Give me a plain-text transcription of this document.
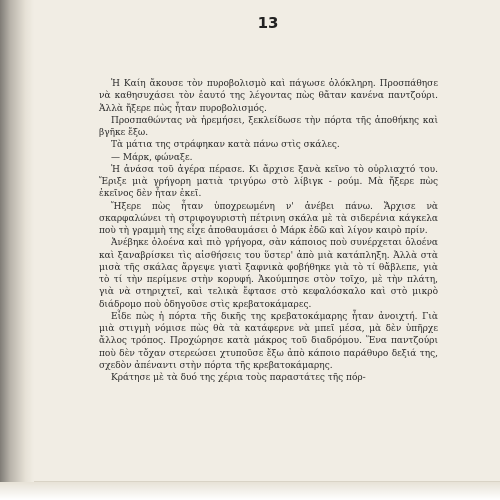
13

Ἡ Καίη ἄκουσε τὸν πυροβολισμὸ καὶ πάγωσε ὁλόκληρη. Προσπάθησε νὰ καθησυχάσει τὸν ἑαυτό της λέγοντας πὼς θἄταν κανένα παντζούρι. Ἀλλὰ ἤξερε πὼς ἦταν πυροβολισμός.

Προσπαθώντας νὰ ἠρεμήσει, ξεκλείδωσε τὴν πόρτα τῆς ἀποθήκης καὶ βγῆκε ἔξω.

Τὰ μάτια της στράφηκαν κατὰ πάνω στὶς σκάλες.

— Μάρκ, φώναξε.

Ἡ ἀνάσα τοῦ ἀγέρα πέρασε. Κι ἄρχισε ξανὰ κεῖνο τὸ οὐρλιαχτό του. Ἔριξε μιὰ γρήγορη ματιὰ τριγύρω στὸ λίβιγκ - ρούμ. Μὰ ἤξερε πὼς ἐκεῖνος δὲν ἦταν ἐκεῖ.

Ἤξερε πὼς ἦταν ὑποχρεωμένη ν' ἀνέβει πάνω. Ἄρχισε νὰ σκαρφαλώνει τὴ στριφογυριστὴ πέτρινη σκάλα μὲ τὰ σιδερένια κάγκελα ποὺ τὴ γραμμὴ της εἶχε ἀποθαυμάσει ὁ Μάρκ ἐδῶ καὶ λίγον καιρὸ πρίν.

Ἀνέβηκε ὁλοένα καὶ πιὸ γρήγορα, σὰν κάποιος ποὺ συνέρχεται ὁλοένα καὶ ξαναβρίσκει τὶς αἰσθήσεις του ὕστερ' ἀπὸ μιὰ κατάπληξη. Ἀλλὰ στὰ μισὰ τῆς σκάλας ἄργεψε γιατὶ ξαφνικὰ φοβήθηκε γιὰ τὸ τί θἄβλεπε, γιὰ τὸ τί τὴν περίμενε στὴν κορυφή. Ἀκούμπησε στὸν τοῖχο, μὲ τὴν πλάτη, γιὰ νὰ στηριχτεῖ, καὶ τελικὰ ἔφτασε στὸ κεφαλόσκαλο καὶ στὸ μικρὸ διάδρομο ποὺ ὁδηγοῦσε στὶς κρεβατοκάμαρες.

Εἶδε πὼς ἡ πόρτα τῆς δικῆς της κρεβατοκάμαρης ἦταν ἀνοιχτή. Γιὰ μιὰ στιγμὴ νόμισε πὼς θὰ τὰ κατάφερνε νὰ μπεῖ μέσα, μὰ δὲν ὑπῆρχε ἄλλος τρόπος. Προχώρησε κατὰ μάκρος τοῦ διαδρόμου. Ἕνα παντζούρι ποὺ δὲν τὄχαν στερεώσει χτυποῦσε ἔξω ἀπὸ κάποιο παράθυρο δεξιά της, σχεδὸν ἀπέναντι στὴν πόρτα τῆς κρεβατοκάμαρης.

Κράτησε μὲ τὰ δυό της χέρια τοὺς παραστάτες τῆς πόρ-
